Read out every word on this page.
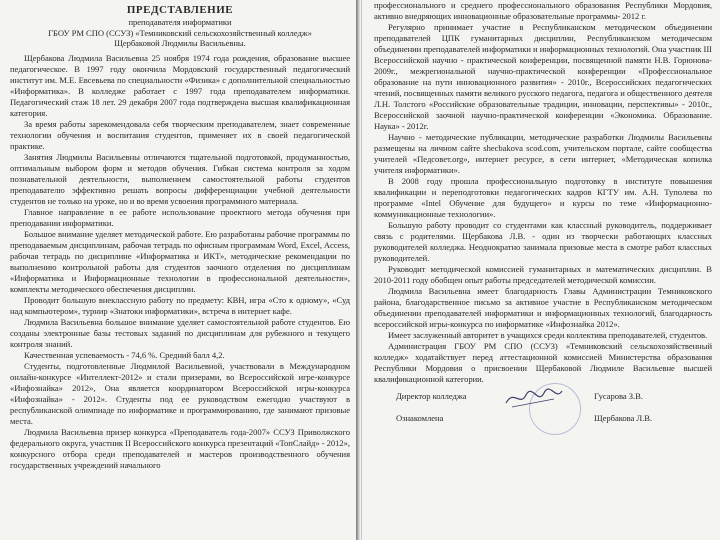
ПРЕДСТАВЛЕНИЕ
преподавателя информатики
ГБОУ РМ СПО (ССУЗ) «Темниковский сельскохозяйственный колледж»
Щербаковой Людмилы Васильевны.

Щербакова Людмила Васильевна 25 ноября 1974 года рождения, образование высшее педагогическое. В 1997 году окончила Мордовский государственный педагогический институт им. М.Е. Евсевьева по специальности «Физика» с дополнительной специальностью «Информатика». В колледже работает с 1997 года преподавателем информатики. Педагогический стаж 18 лет. 29 декабря 2007 года подтверждена высшая квалификационная категория.

За время работы зарекомендовала себя творческим преподавателем, знает современные технологии обучения и воспитания студентов, применяет их в своей педагогической практике.

Занятия Людмилы Васильевны отличаются тщательной подготовкой, продуманностью, оптимальным выбором форм и методов обучения. Гибкая система контроля за ходом познавательной деятельности, выполнением самостоятельной работы студентов преподавателю эффективно решать вопросы дифференциации учебной деятельности студентов не только на уроке, но и во время усвоения программного материала.

Главное направление в ее работе использование проектного метода обучения при преподавании информатики.

Большое внимание уделяет методической работе. Ею разработаны рабочие программы по преподаваемым дисциплинам, рабочая тетрадь по офисным программам Word, Excel, Access, рабочая тетрадь по дисциплине «Информатика и ИКТ», методические рекомендации по выполнению контрольной работы для студентов заочного отделения по дисциплинам «Информатика и Информационные технологии в профессиональной деятельности», комплекты методического обеспечения дисциплин.

Проводит большую внеклассную работу по предмету: КВН, игра «Сто к одному», «Суд над компьютером», турнир «Знатоки информатики», встреча в интернет кафе.

Людмила Васильевна большое внимание уделяет самостоятельной работе студентов. Ею созданы электронные базы тестовых заданий по дисциплинам для рубежного и текущего контроля знаний.

Качественная успеваемость - 74,6 %. Средний балл 4,2.

Студенты, подготовленные Людмилой Васильевной, участвовали в Международном онлайн-конкурсе «Интеллект-2012» и стали призерами, во Всероссийской игре-конкурсе «Инфознайка» 2012», Она является координатором Всероссийской игры-конкурса «Инфознайка» - 2012». Студенты под ее руководством ежегодно участвуют в республиканской олимпиаде по информатике и программированию, где занимают призовые места.

Людмила Васильевна призер конкурса «Преподаватель года-2007» ССУЗ Приволжского федерального округа, участник II Всероссийского конкурса презентаций «ТопСлайд» - 2012», конкурсного отбора среди преподавателей и мастеров производственного обучения государственных учреждений начального

профессионального и среднего профессионального образования Республики Мордовия, активно внедряющих инновационные образовательные программы- 2012 г.

Регулярно принимает участие в Республиканском методическом объединении преподавателей ЦПК гуманитарных дисциплин, Республиканском методическом объединении преподавателей информатики и информационных технологий. Она участник III Всероссийской научно - практической конференции, посвященной памяти Н.В. Горюнова- 2009г., межрегиональной научно-практической конференции «Профессиональное образование на пути инновационного развития» - 2010г., Всероссийских педагогических чтений, посвященных памяти великого русского педагога, педагога и общественного деятеля Л.Н. Толстого «Российские образовательные традиции, инновации, перспективы» - 2010г., Всероссийской заочной научно-практической конференции «Экономика. Образование. Наука» - 2012г.

Научно - методические публикации, методические разработки Людмилы Васильевны размещены на личном сайте shecbakova scod.com, учительском портале, сайте сообщества учителей «Педсовет.org», интернет ресурсе, в сети интернет, «Методическая копилка учителя информатики».

В 2008 году прошла профессиональную подготовку в институте повышения квалификации и переподготовки педагогических кадров КГТУ им. А.Н. Туполева по программе «Intel Обучение для будущего» и курсы по теме «Информационно-коммуникационные технологии».

Большую работу проводит со студентами как классный руководитель, поддерживает связь с родителями. Щербакова Л.В. - один из творчески работающих классных руководителей колледжа. Неоднократно занимала призовые места в смотре работ классных руководителей.

Руководит методической комиссией гуманитарных и математических дисциплин. В 2010-2011 году обобщен опыт работы председателей методической комиссии.

Людмила Васильевна имеет благодарность Главы Администрации Темниковского района, благодарственное письмо за активное участие в Республиканском методическом объединении преподавателей информатики и информационных технологий, благодарность всероссийской игры-конкурса по информатике «Инфознайка 2012».

Имеет заслуженный авторитет в учащихся среди коллектива преподавателей, студентов.

Администрация ГБОУ РМ СПО (ССУЗ) «Темниковский сельскохозяйственный колледж» ходатайствует перед аттестационной комиссией Министерства образования Республики Мордовия о присвоении Щербаковой Людмиле Васильевне высшей квалификационной категории.

Директор колледжа	Гусарова З.В.
Ознакомлена	Щербакова Л.В.
